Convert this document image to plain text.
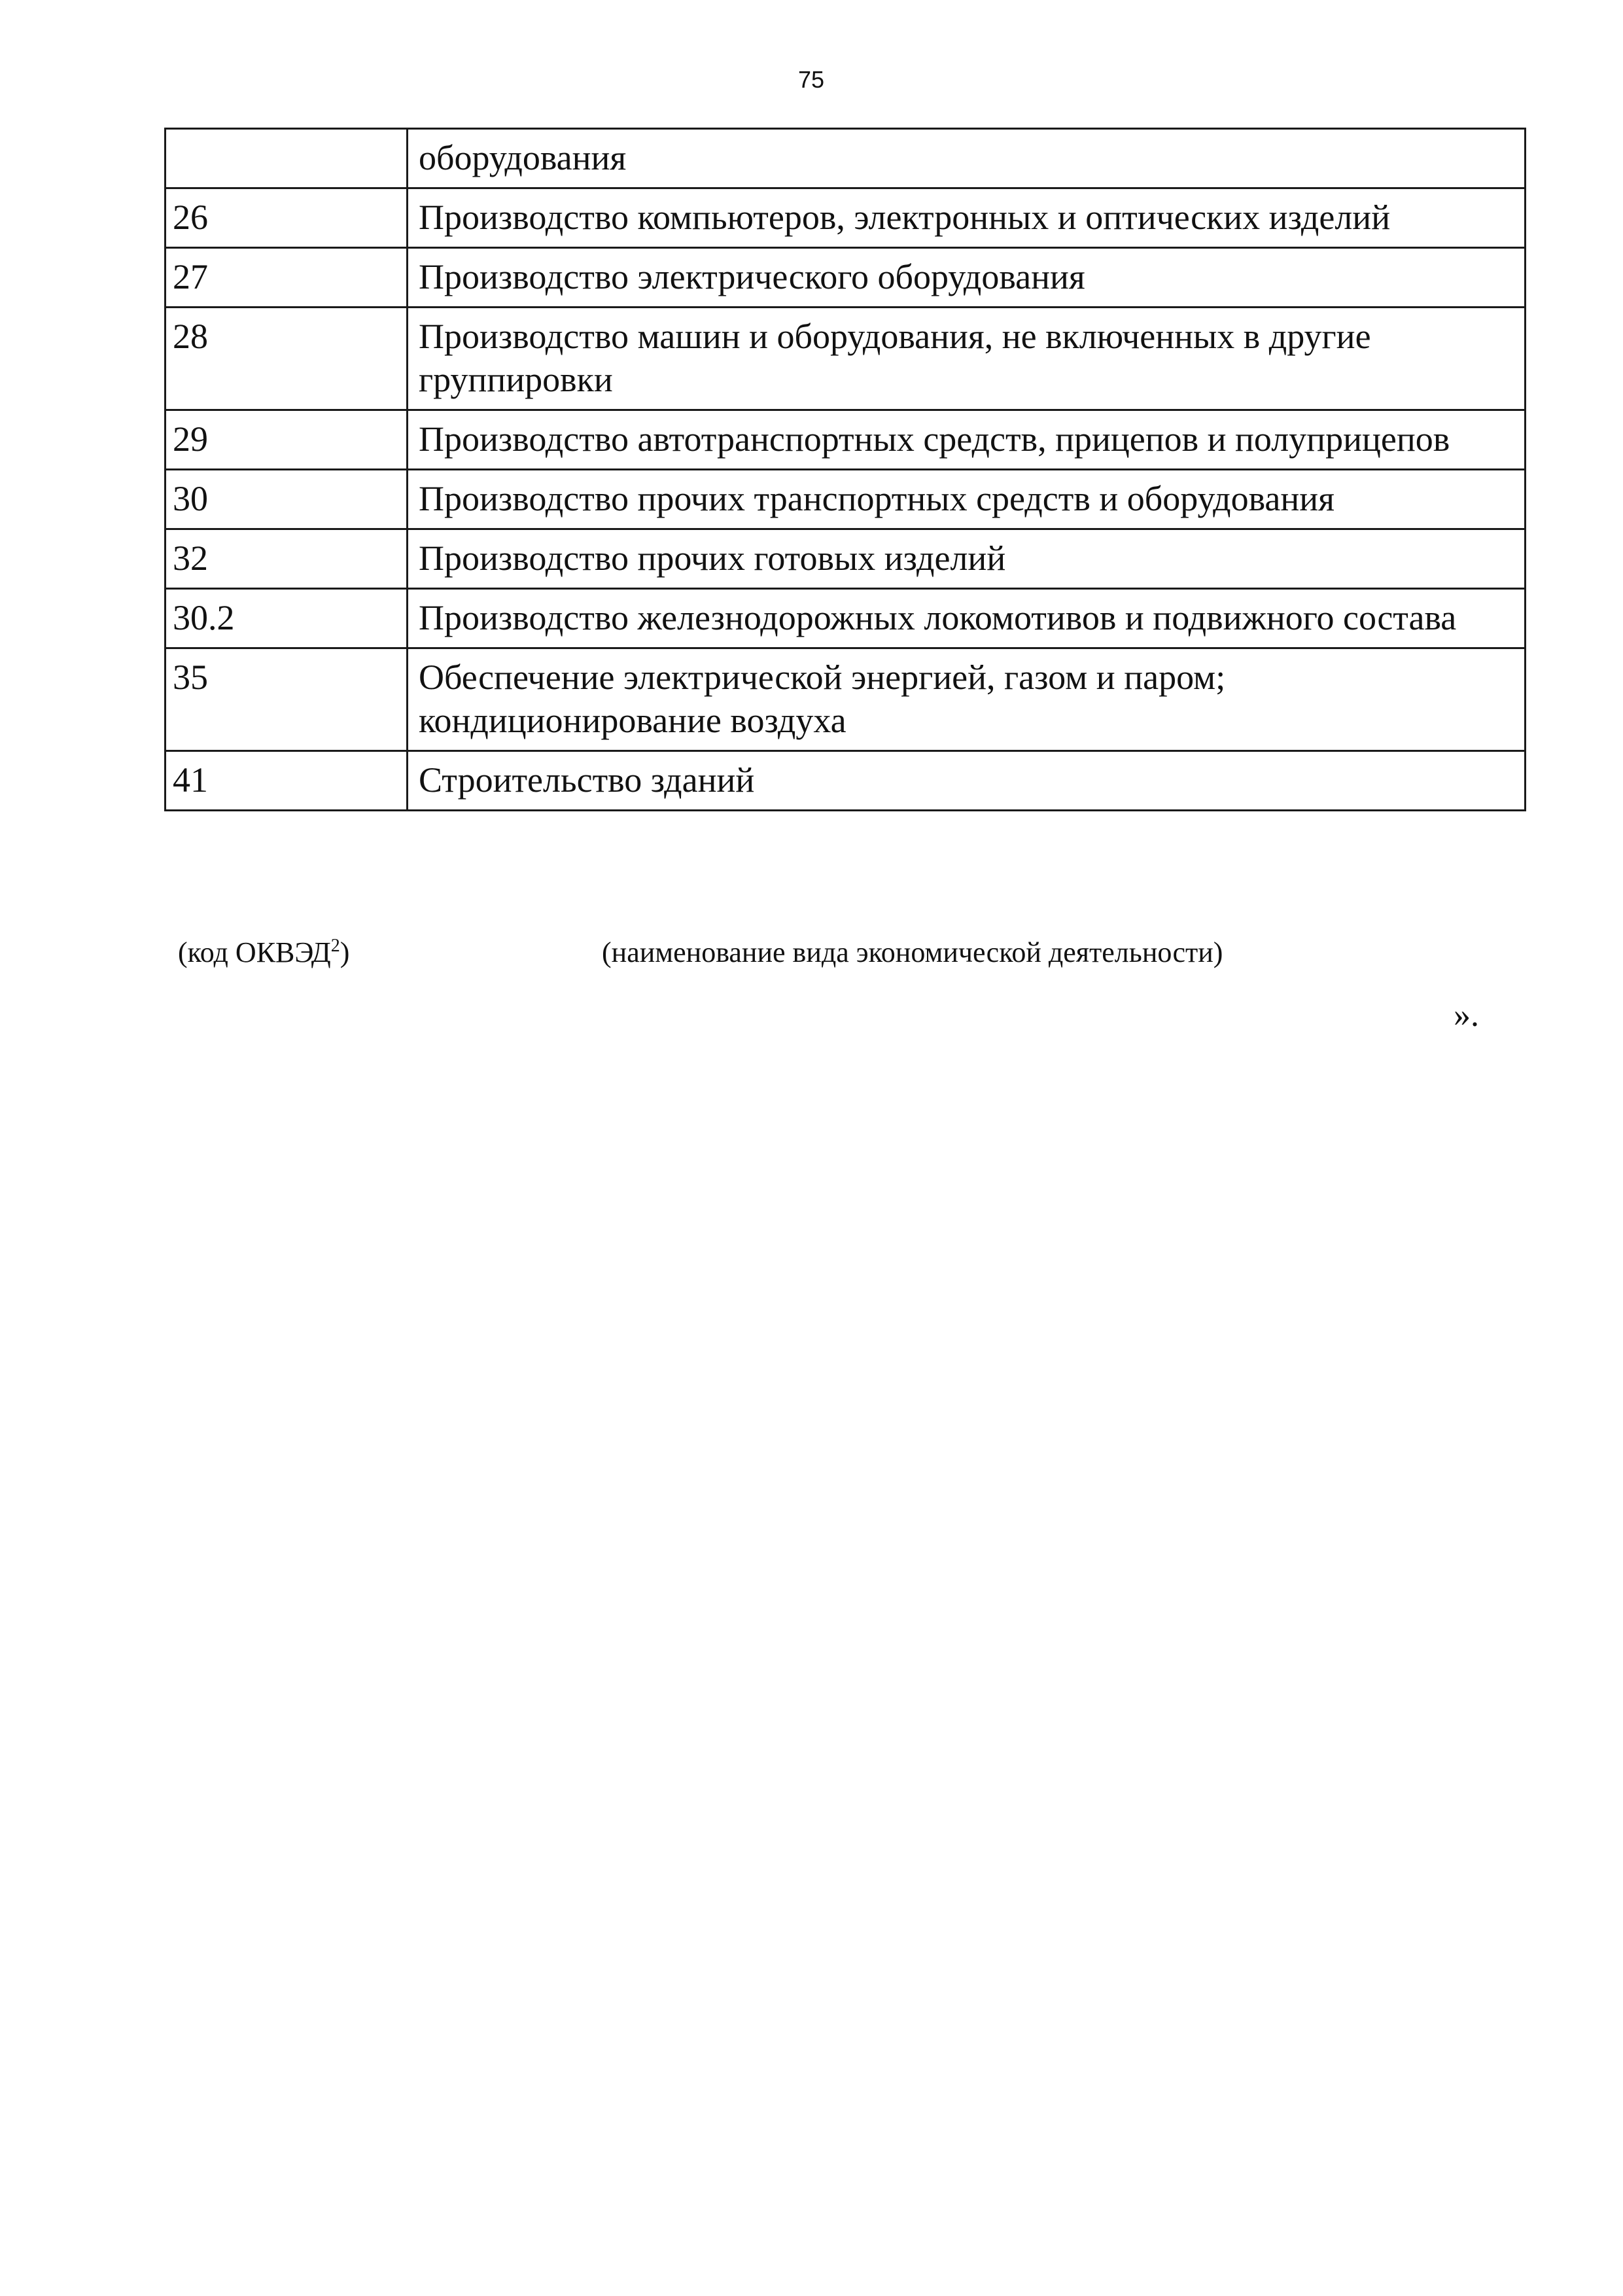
75
	оборудования
26	Производство компьютеров, электронных и оптических изделий
27	Производство электрического оборудования
28	Производство машин и оборудования, не включенных в другие группировки
29	Производство автотранспортных средств, прицепов и полуприцепов
30	Производство прочих транспортных средств и оборудования
32	Производство прочих готовых изделий
30.2	Производство железнодорожных локомотивов и подвижного состава
35	Обеспечение электрической энергией, газом и паром; кондиционирование воздуха
41	Строительство зданий
(код ОКВЭД$^2$)	(наименование вида экономической деятельности)
».
